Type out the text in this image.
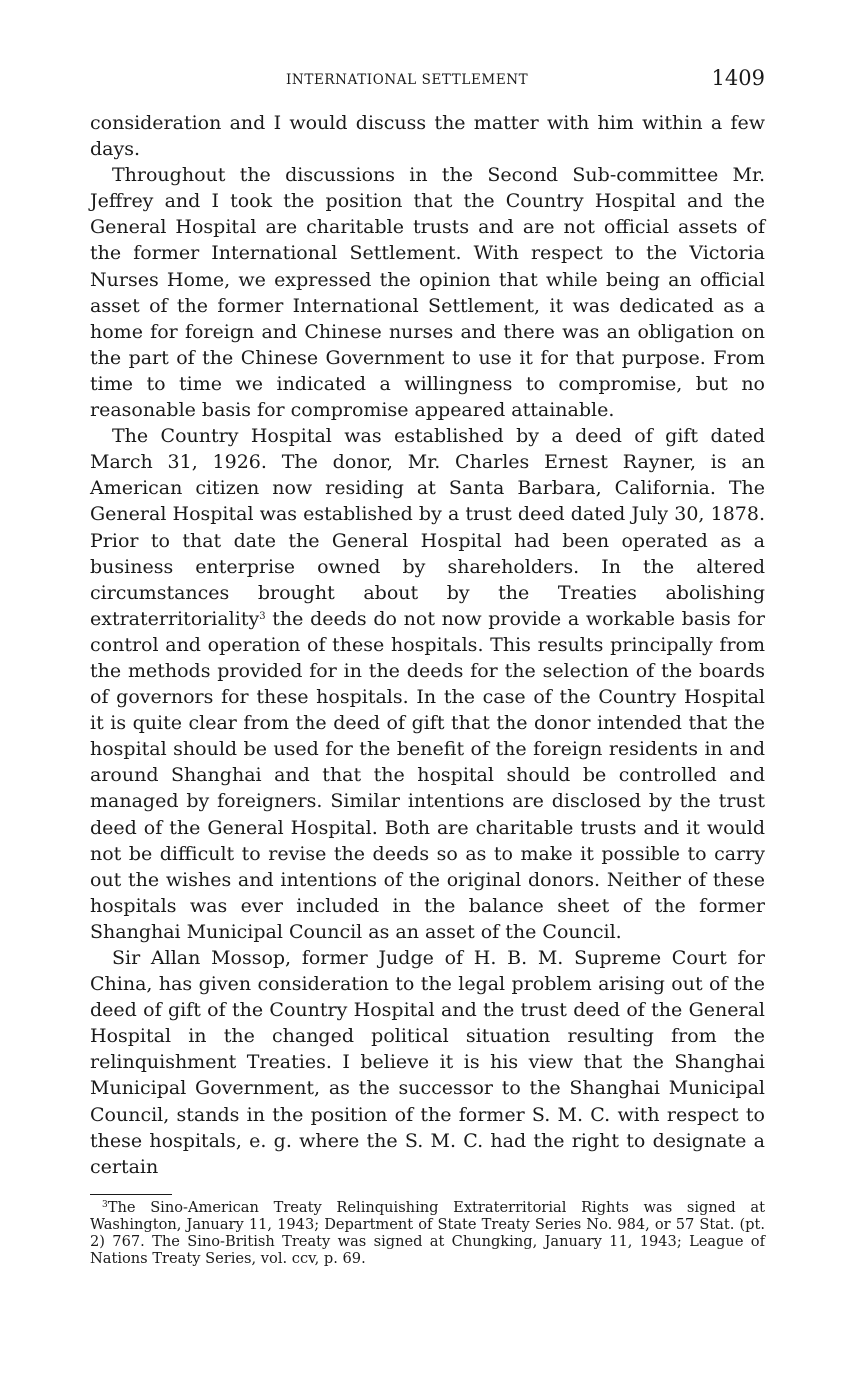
INTERNATIONAL SETTLEMENT	1409

consideration and I would discuss the matter with him within a few days.

Throughout the discussions in the Second Sub-committee Mr. Jeffrey and I took the position that the Country Hospital and the General Hospital are charitable trusts and are not official assets of the former International Settlement. With respect to the Victoria Nurses Home, we expressed the opinion that while being an official asset of the former International Settlement, it was dedicated as a home for foreign and Chinese nurses and there was an obligation on the part of the Chinese Government to use it for that purpose. From time to time we indicated a willingness to compromise, but no reasonable basis for compromise appeared attainable.

The Country Hospital was established by a deed of gift dated March 31, 1926. The donor, Mr. Charles Ernest Rayner, is an American citizen now residing at Santa Barbara, California. The General Hospital was established by a trust deed dated July 30, 1878. Prior to that date the General Hospital had been operated as a business enterprise owned by shareholders. In the altered circumstances brought about by the Treaties abolishing extraterritoriality$^3$ the deeds do not now provide a workable basis for control and operation of these hospitals. This results principally from the methods provided for in the deeds for the selection of the boards of governors for these hospitals. In the case of the Country Hospital it is quite clear from the deed of gift that the donor intended that the hospital should be used for the benefit of the foreign residents in and around Shanghai and that the hospital should be controlled and managed by foreigners. Similar intentions are disclosed by the trust deed of the General Hospital. Both are charitable trusts and it would not be difficult to revise the deeds so as to make it possible to carry out the wishes and intentions of the original donors. Neither of these hospitals was ever included in the balance sheet of the former Shanghai Municipal Council as an asset of the Council.

Sir Allan Mossop, former Judge of H. B. M. Supreme Court for China, has given consideration to the legal problem arising out of the deed of gift of the Country Hospital and the trust deed of the General Hospital in the changed political situation resulting from the relinquishment Treaties. I believe it is his view that the Shanghai Municipal Government, as the successor to the Shanghai Municipal Council, stands in the position of the former S. M. C. with respect to these hospitals, e. g. where the S. M. C. had the right to designate a certain

$^3$The Sino-American Treaty Relinquishing Extraterritorial Rights was signed at Washington, January 11, 1943; Department of State Treaty Series No. 984, or 57 Stat. (pt. 2) 767. The Sino-British Treaty was signed at Chungking, January 11, 1943; League of Nations Treaty Series, vol. ccv, p. 69.
